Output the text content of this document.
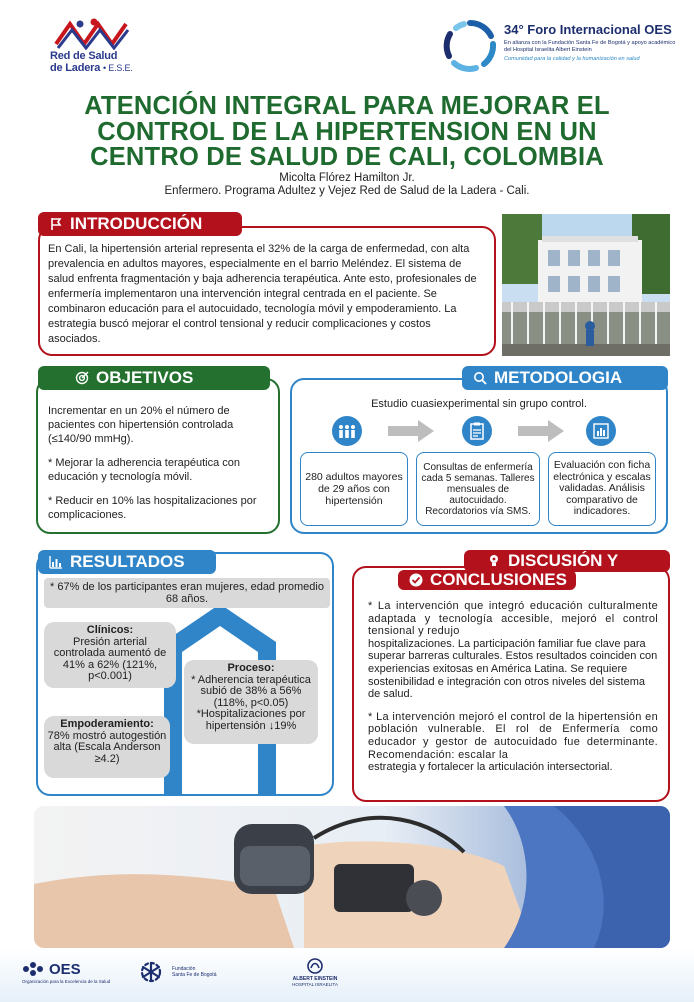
Red de Salud
de Ladera • E.S.E.
34° Foro Internacional OES
En alianza con la Fundación Santa Fe de Bogotá y apoyo académico del Hospital Israelita Albert Einstein
Comunidad para la calidad y la humanización en salud
ATENCIÓN INTEGRAL PARA MEJORAR EL
CONTROL DE LA HIPERTENSION EN UN
CENTRO DE SALUD DE CALI, COLOMBIA
Micolta Flórez Hamilton Jr.
Enfermero. Programa Adultez y Vejez Red de Salud de la Ladera - Cali.
En Cali, la hipertensión arterial representa el 32% de la carga de enfermedad, con alta prevalencia en adultos mayores, especialmente en el barrio Meléndez. El sistema de salud enfrenta fragmentación y baja adherencia terapéutica. Ante esto, profesionales de enfermería implementaron una intervención integral centrada en el paciente. Se combinaron educación para el autocuidado, tecnología móvil y empoderamiento. La estrategia buscó mejorar el control tensional y reducir complicaciones y costos asociados.
INTRODUCCIÓN

Incrementar en un 20% el número de pacientes con hipertensión controlada (≤140/90 mmHg).

* Mejorar la adherencia terapéutica con educación y tecnología móvil.

* Reducir en 10% las hospitalizaciones por complicaciones.

OBJETIVOS
Estudio cuasiexperimental sin grupo control.
METODOLOGIA
280 adultos mayores de 29 años con hipertensión
Consultas de enfermería cada 5 semanas. Talleres mensuales de autocuidado. Recordatorios vía SMS.
Evaluación con ficha electrónica y escalas validadas. Análisis comparativo de indicadores.
RESULTADOS
* 67% de los participantes eran mujeres, edad promedio 68 años.
Clínicos:
Presión arterial controlada aumentó de 41% a 62% (121%, p<0.001)
Proceso:
* Adherencia terapéutica subió de 38% a 56% (118%, p<0.05) *Hospitalizaciones por hipertensión ↓19%
Empoderamiento:
78% mostró autogestión alta (Escala Anderson ≥4.2)

* La intervención que integró educación culturalmente adaptada y tecnología accesible, mejoró el control tensional y redujo
hospitalizaciones. La participación familiar fue clave para superar barreras culturales. Estos resultados coinciden con experiencias exitosas en América Latina. Se requiere sostenibilidad e integración con otros niveles del sistema de salud.

* La intervención mejoró el control de la hipertensión en población vulnerable. El rol de Enfermería como educador y gestor de autocuidado fue determinante. Recomendación: escalar la
estrategia y fortalecer la articulación intersectorial.

DISCUSIÓN Y
CONCLUSIONES
OES
Organización para la Excelencia de la Salud
Fundación
Santa Fe de Bogotá
ALBERT EINSTEIN
HOSPITAL ISRAELITA
